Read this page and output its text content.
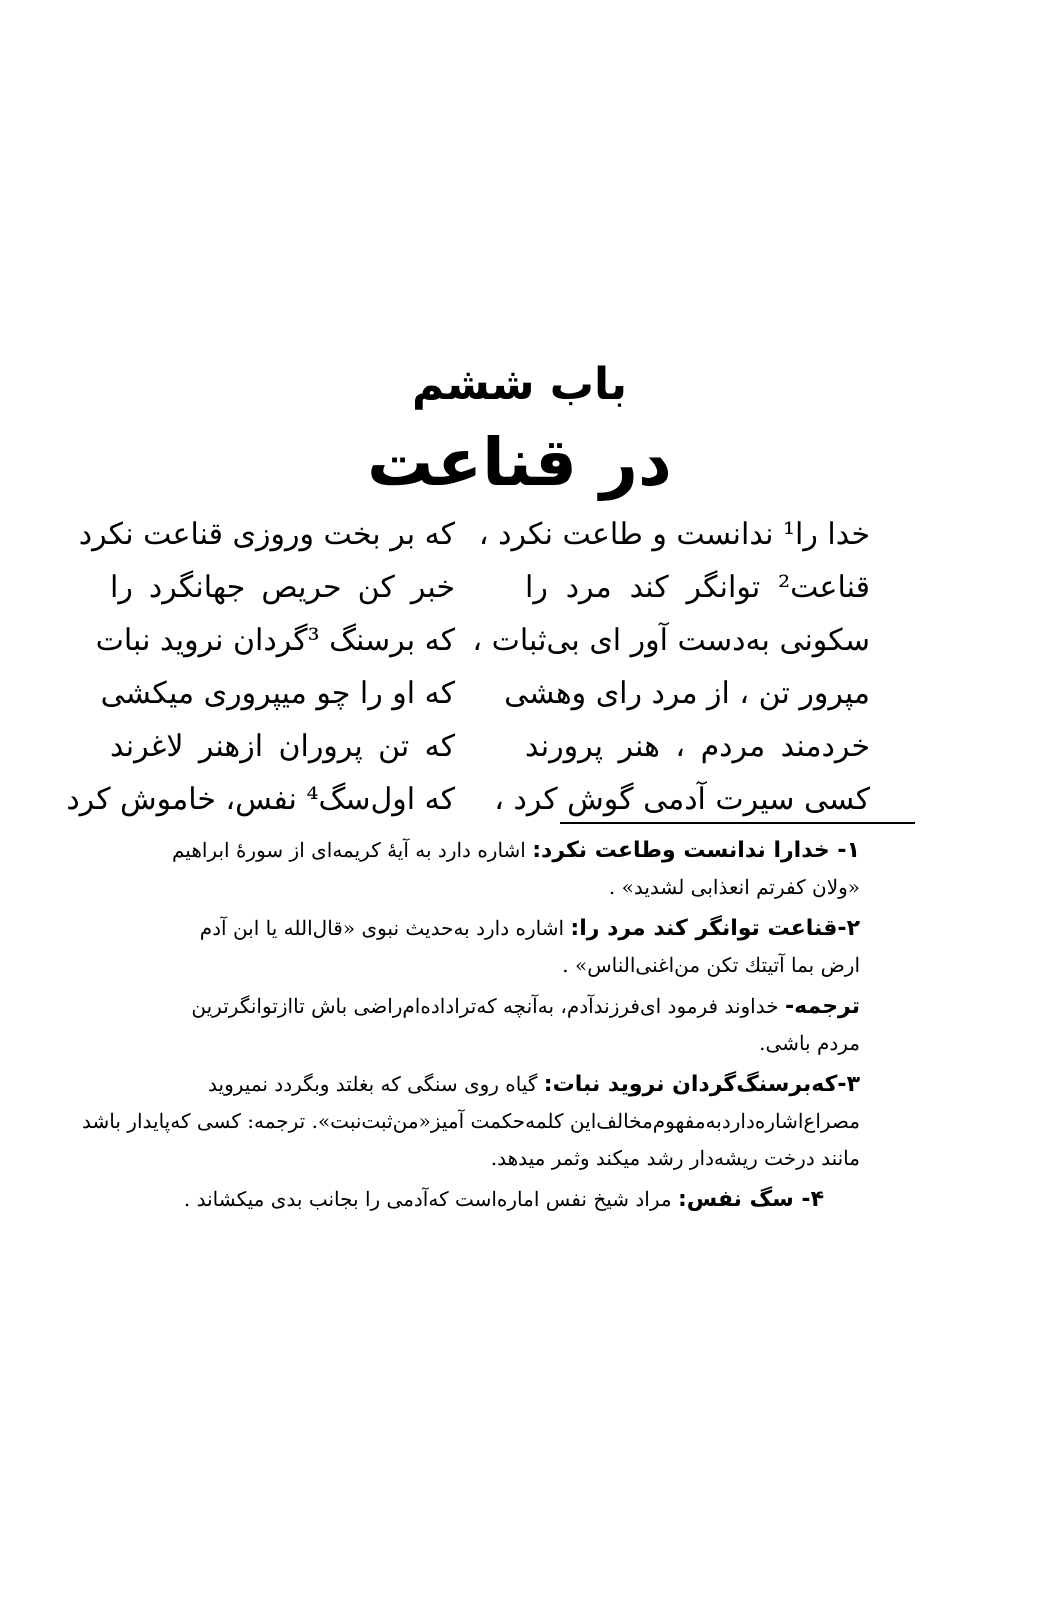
باب ششم
در قناعت
خدا را¹ ندانست و طاعت نکرد ،
که بر بخت وروزی قناعت نکرد
قناعت² توانگر کند مرد را
خبر کن حریص جهانگرد را
سکونی به‌دست آور ای بی‌ثبات ،
که برسنگ ³گردان نروید نبات
مپرور تن ، از مرد رای وهشی
که او را چو میپروری میکشی
خردمند مردم ، هنر پرورند
که تن پروران ازهنر لاغرند
کسی سیرت آدمی گوش کرد ،
که اول‌سگ⁴ نفس، خاموش کرد
۱- خدارا ندانست وطاعت نکرد: اشاره دارد به آیهٔ کریمه‌ای از سورهٔ ابراهیم
«ولان کفرتم انعذابی لشدید» .
۲-قناعت توانگر کند مرد را: اشاره دارد به‌حدیث نبوی «قال‌الله یا ابن آدم
ارض بما آتیتك تکن من‌اغنی‌الناس» .
ترجمه- خداوند فرمود ای‌فرزند‌آدم، به‌آنچه که‌ترا‌داده‌ام‌راضی باش تاازتوانگرترین
مردم باشی.
۳-که‌برسنگ‌گردان نروید نبات: گیاه روی سنگی که بغلتد وبگردد نمیروید
مصراع‌اشاره‌دارد‌به‌مفهوم‌مخالف‌این کلمه‌حکمت آمیز«من‌ثبت‌نبت». ترجمه: کسی که‌پایدار باشد
مانند درخت ریشه‌دار رشد میکند وثمر میدهد.
۴- سگ نفس: مراد شیخ نفس اماره‌است که‌آدمی را بجانب بدی میکشاند .
